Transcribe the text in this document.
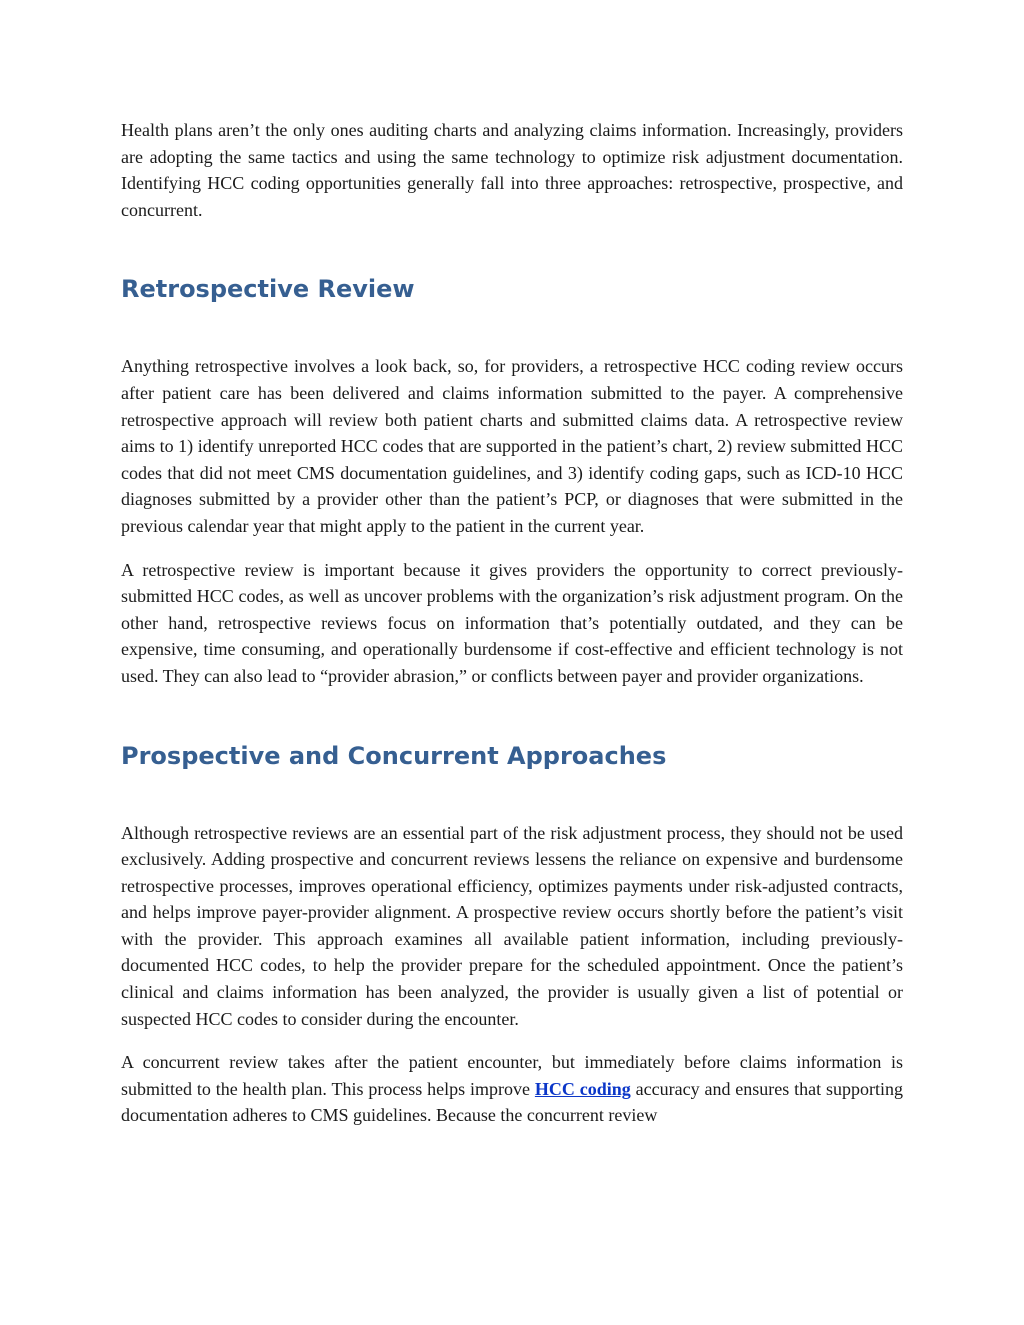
Health plans aren’t the only ones auditing charts and analyzing claims information. Increasingly, providers are adopting the same tactics and using the same technology to optimize risk adjustment documentation. Identifying HCC coding opportunities generally fall into three approaches: retrospective, prospective, and concurrent.

Retrospective Review

Anything retrospective involves a look back, so, for providers, a retrospective HCC coding review occurs after patient care has been delivered and claims information submitted to the payer. A comprehensive retrospective approach will review both patient charts and submitted claims data. A retrospective review aims to 1) identify unreported HCC codes that are supported in the patient’s chart, 2) review submitted HCC codes that did not meet CMS documentation guidelines, and 3) identify coding gaps, such as ICD-10 HCC diagnoses submitted by a provider other than the patient’s PCP, or diagnoses that were submitted in the previous calendar year that might apply to the patient in the current year.

A retrospective review is important because it gives providers the opportunity to correct previously-submitted HCC codes, as well as uncover problems with the organization’s risk adjustment program. On the other hand, retrospective reviews focus on information that’s potentially outdated, and they can be expensive, time consuming, and operationally burdensome if cost-effective and efficient technology is not used. They can also lead to “provider abrasion,” or conflicts between payer and provider organizations.

Prospective and Concurrent Approaches

Although retrospective reviews are an essential part of the risk adjustment process, they should not be used exclusively. Adding prospective and concurrent reviews lessens the reliance on expensive and burdensome retrospective processes, improves operational efficiency, optimizes payments under risk-adjusted contracts, and helps improve payer-provider alignment. A prospective review occurs shortly before the patient’s visit with the provider. This approach examines all available patient information, including previously-documented HCC codes, to help the provider prepare for the scheduled appointment. Once the patient’s clinical and claims information has been analyzed, the provider is usually given a list of potential or suspected HCC codes to consider during the encounter.

A concurrent review takes after the patient encounter, but immediately before claims information is submitted to the health plan. This process helps improve HCC coding accuracy and ensures that supporting documentation adheres to CMS guidelines. Because the concurrent review
